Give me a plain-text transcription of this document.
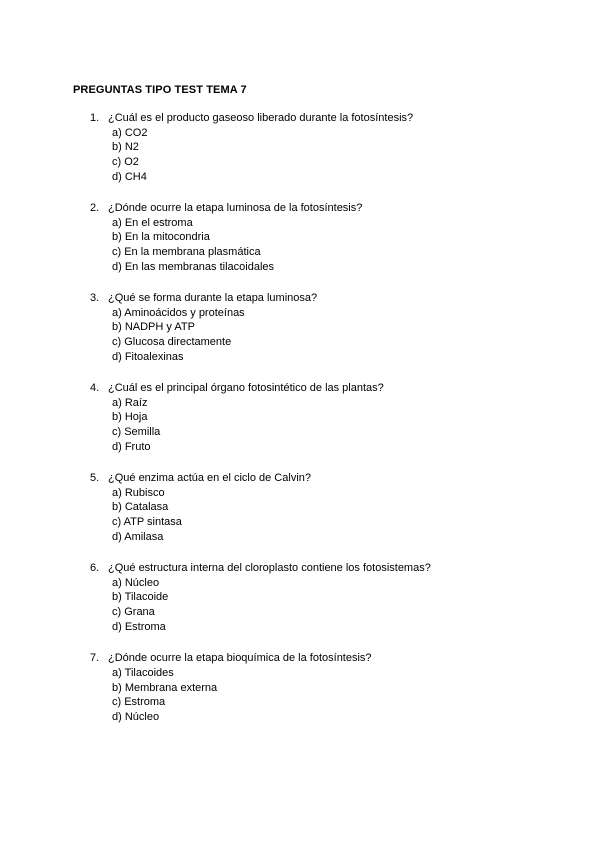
PREGUNTAS TIPO TEST TEMA 7
1. ¿Cuál es el producto gaseoso liberado durante la fotosíntesis?
a) CO2
b) N2
c) O2
d) CH4
2. ¿Dónde ocurre la etapa luminosa de la fotosíntesis?
a) En el estroma
b) En la mitocondria
c) En la membrana plasmática
d) En las membranas tilacoidales
3. ¿Qué se forma durante la etapa luminosa?
a) Aminoácidos y proteínas
b) NADPH y ATP
c) Glucosa directamente
d) Fitoalexinas
4. ¿Cuál es el principal órgano fotosintético de las plantas?
a) Raíz
b) Hoja
c) Semilla
d) Fruto
5. ¿Qué enzima actúa en el ciclo de Calvin?
a) Rubisco
b) Catalasa
c) ATP sintasa
d) Amilasa
6. ¿Qué estructura interna del cloroplasto contiene los fotosistemas?
a) Núcleo
b) Tilacoide
c) Grana
d) Estroma
7. ¿Dónde ocurre la etapa bioquímica de la fotosíntesis?
a) Tilacoides
b) Membrana externa
c) Estroma
d) Núcleo
